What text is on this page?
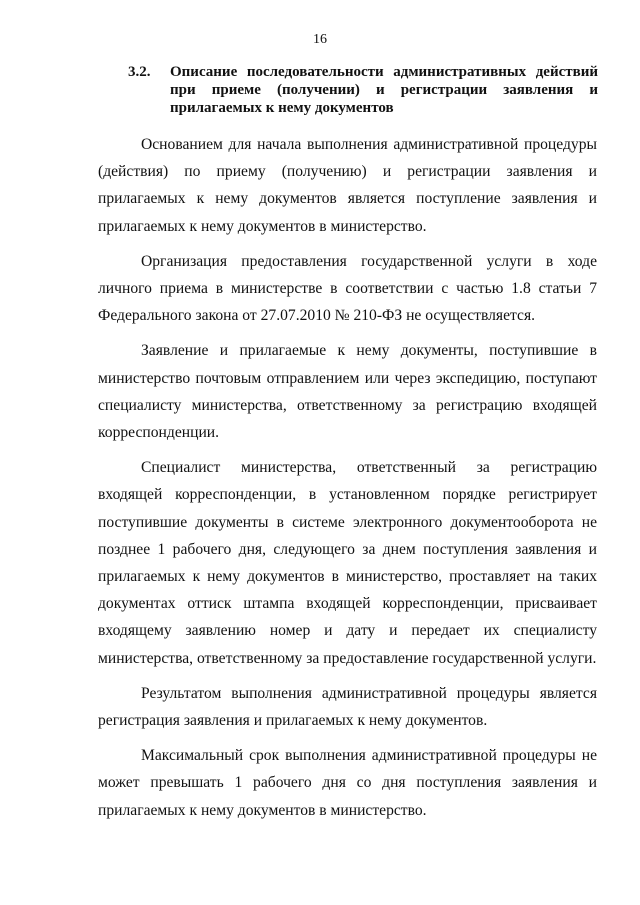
16
3.2. Описание последовательности административных действий при приеме (получении) и регистрации заявления и прилагаемых к нему документов

Основанием для начала выполнения административной процедуры (действия) по приему (получению) и регистрации заявления и прилагаемых к нему документов является поступление заявления и прилагаемых к нему документов в министерство.

Организация предоставления государственной услуги в ходе личного приема в министерстве в соответствии с частью 1.8 статьи 7 Федерального закона от 27.07.2010 № 210-ФЗ не осуществляется.

Заявление и прилагаемые к нему документы, поступившие в министерство почтовым отправлением или через экспедицию, поступают специалисту министерства, ответственному за регистрацию входящей корреспонденции.

Специалист министерства, ответственный за регистрацию входящей корреспонденции, в установленном порядке регистрирует поступившие документы в системе электронного документооборота не позднее 1 рабочего дня, следующего за днем поступления заявления и прилагаемых к нему документов в министерство, проставляет на таких документах оттиск штампа входящей корреспонденции, присваивает входящему заявлению номер и дату и передает их специалисту министерства, ответственному за предоставление государственной услуги.

Результатом выполнения административной процедуры является регистрация заявления и прилагаемых к нему документов.

Максимальный срок выполнения административной процедуры не может превышать 1 рабочего дня со дня поступления заявления и прилагаемых к нему документов в министерство.
